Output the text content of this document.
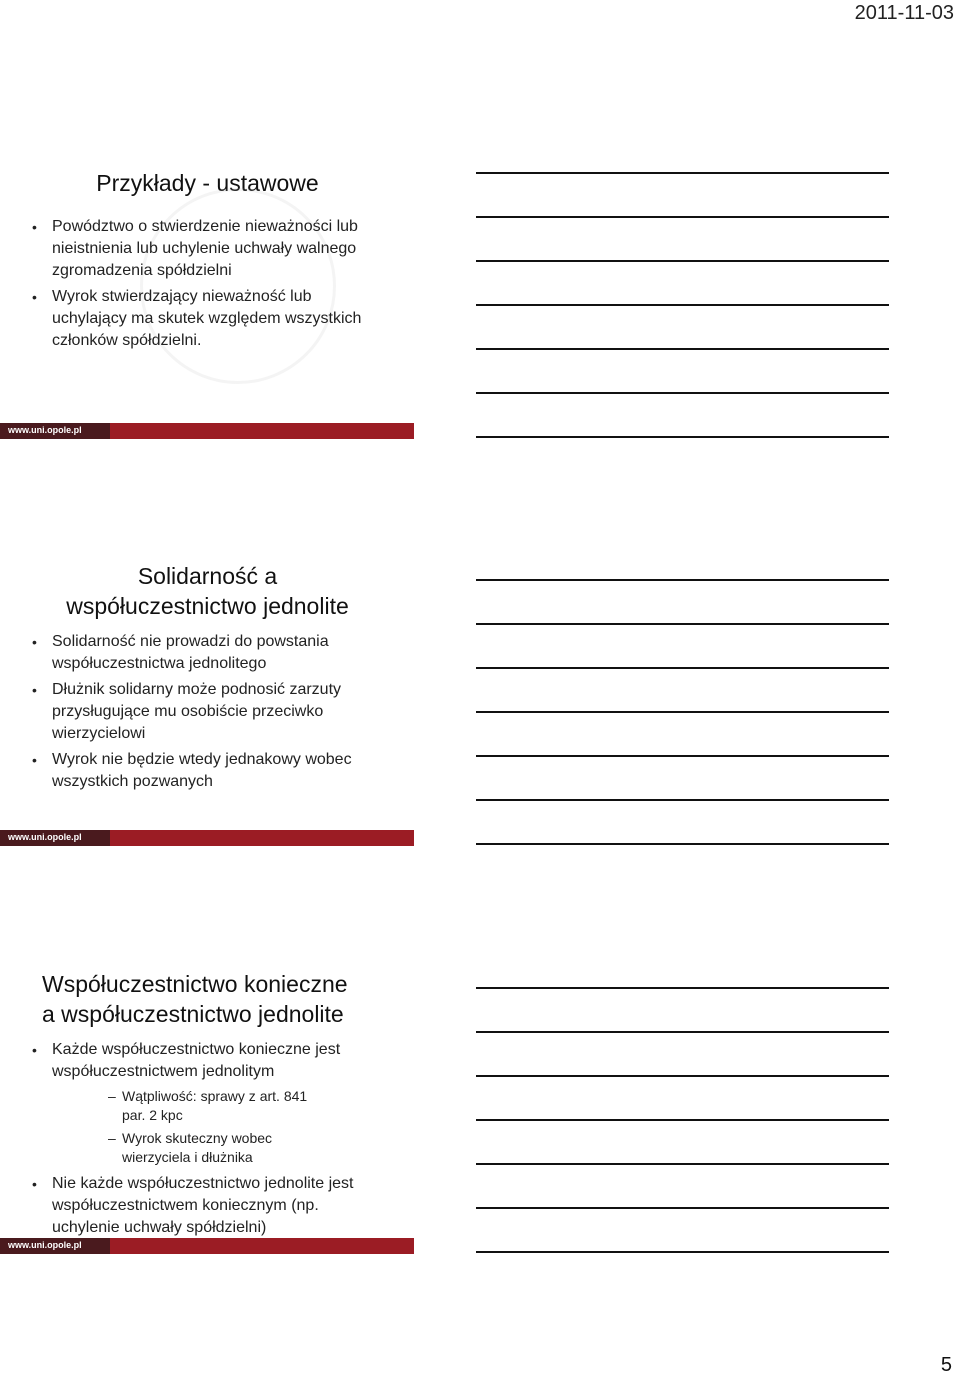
2011-11-03
Przykłady - ustawowe
• Powództwo o stwierdzenie nieważności lub nieistnienia lub uchylenie uchwały walnego zgromadzenia spółdzielni
• Wyrok stwierdzający nieważność lub uchylający ma skutek względem wszystkich członków spółdzielni.
www.uni.opole.pl
Solidarność a
współuczestnictwo jednolite
• Solidarność nie prowadzi do powstania współuczestnictwa jednolitego
• Dłużnik solidarny może podnosić zarzuty przysługujące mu osobiście przeciwko wierzycielowi
• Wyrok nie będzie wtedy jednakowy wobec wszystkich pozwanych
www.uni.opole.pl
Współuczestnictwo konieczne
a współuczestnictwo jednolite
• Każde współuczestnictwo konieczne jest współuczestnictwem jednolitym
– Wątpliwość: sprawy z art. 841 par. 2 kpc
– Wyrok skuteczny wobec wierzyciela i dłużnika
• Nie każde współuczestnictwo jednolite jest współuczestnictwem koniecznym (np. uchylenie uchwały spółdzielni)
www.uni.opole.pl
5
